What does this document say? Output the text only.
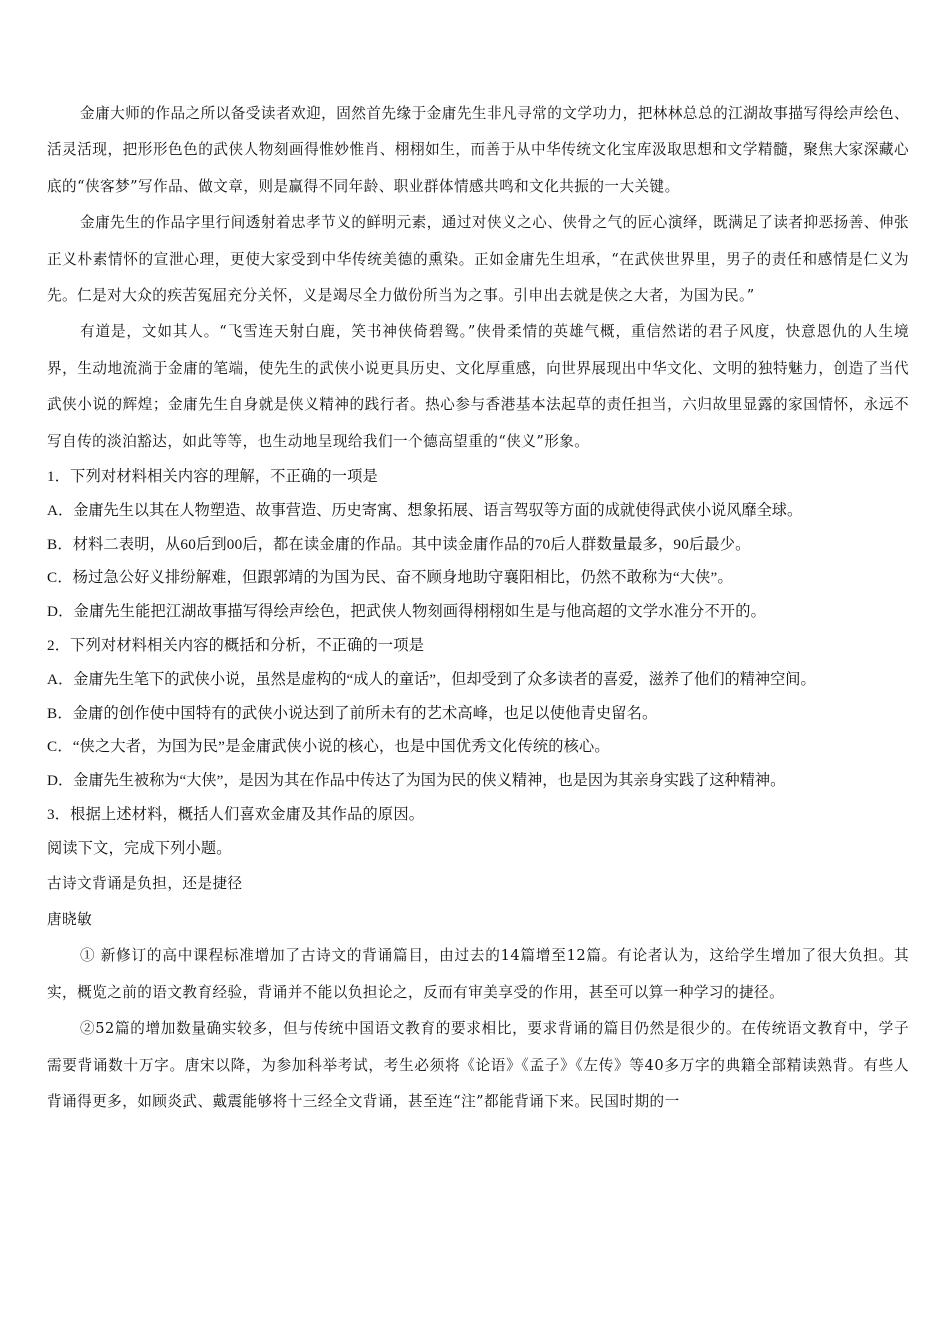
金庸大师的作品之所以备受读者欢迎，固然首先缘于金庸先生非凡寻常的文学功力，把林林总总的江湖故事描写得绘声绘色、活灵活现，把形形色色的武侠人物刻画得惟妙惟肖、栩栩如生，而善于从中华传统文化宝库汲取思想和文学精髓，聚焦大家深藏心底的“侠客梦”写作品、做文章，则是赢得不同年龄、职业群体情感共鸣和文化共振的一大关键。

金庸先生的作品字里行间透射着忠孝节义的鲜明元素，通过对侠义之心、侠骨之气的匠心演绎，既满足了读者抑恶扬善、伸张正义朴素情怀的宣泄心理，更使大家受到中华传统美德的熏染。正如金庸先生坦承，“在武侠世界里，男子的责任和感情是仁义为先。仁是对大众的疾苦冤屈充分关怀，义是竭尽全力做份所当为之事。引申出去就是侠之大者，为国为民。”

有道是，文如其人。“飞雪连天射白鹿，笑书神侠倚碧鸳。”侠骨柔情的英雄气概，重信然诺的君子风度，快意恩仇的人生境界，生动地流淌于金庸的笔端，使先生的武侠小说更具历史、文化厚重感，向世界展现出中华文化、文明的独特魅力，创造了当代武侠小说的辉煌；金庸先生自身就是侠义精神的践行者。热心参与香港基本法起草的责任担当，六归故里显露的家国情怀，永远不写自传的淡泊豁达，如此等等，也生动地呈现给我们一个德高望重的“侠义”形象。

1．下列对材料相关内容的理解，不正确的一项是

A．金庸先生以其在人物塑造、故事营造、历史寄寓、想象拓展、语言驾驭等方面的成就使得武侠小说风靡全球。

B．材料二表明，从60后到00后，都在读金庸的作品。其中读金庸作品的70后人群数量最多，90后最少。

C．杨过急公好义排纷解难，但跟郭靖的为国为民、奋不顾身地助守襄阳相比，仍然不敢称为“大侠”。

D．金庸先生能把江湖故事描写得绘声绘色，把武侠人物刻画得栩栩如生是与他高超的文学水准分不开的。

2．下列对材料相关内容的概括和分析，不正确的一项是

A．金庸先生笔下的武侠小说，虽然是虚构的“成人的童话”，但却受到了众多读者的喜爱，滋养了他们的精神空间。

B．金庸的创作使中国特有的武侠小说达到了前所未有的艺术高峰，也足以使他青史留名。

C．“侠之大者，为国为民”是金庸武侠小说的核心，也是中国优秀文化传统的核心。

D．金庸先生被称为“大侠”，是因为其在作品中传达了为国为民的侠义精神，也是因为其亲身实践了这种精神。

3．根据上述材料，概括人们喜欢金庸及其作品的原因。

阅读下文，完成下列小题。

古诗文背诵是负担，还是捷径

唐晓敏

① 新修订的高中课程标准增加了古诗文的背诵篇目，由过去的14篇增至12篇。有论者认为，这给学生增加了很大负担。其实，概览之前的语文教育经验，背诵并不能以负担论之，反而有审美享受的作用，甚至可以算一种学习的捷径。

②52篇的增加数量确实较多，但与传统中国语文教育的要求相比，要求背诵的篇目仍然是很少的。在传统语文教育中，学子需要背诵数十万字。唐宋以降，为参加科举考试，考生必须将《论语》《孟子》《左传》等40多万字的典籍全部精读熟背。有些人背诵得更多，如顾炎武、戴震能够将十三经全文背诵，甚至连“注”都能背诵下来。民国时期的一
